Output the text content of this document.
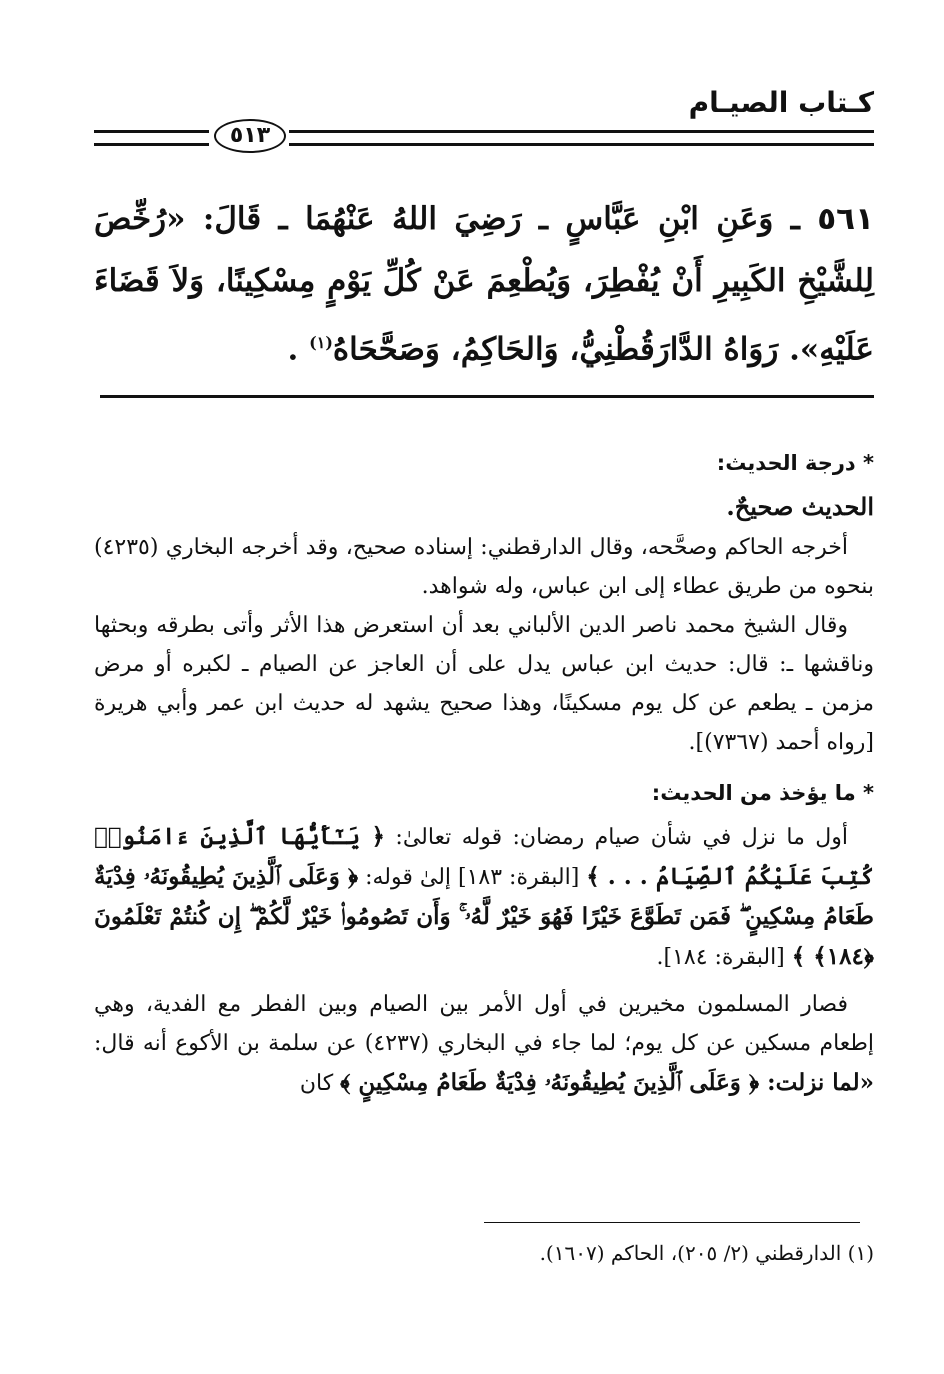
كـتاب الصيـام
٥١٣
٥٦١ ـ وَعَنِ ابْنِ عَبَّاسٍ ـ رَضِيَ اللهُ عَنْهُمَا ـ قَالَ: «رُخِّصَ لِلشَّيْخِ الكَبِيرِ أَنْ يُفْطِرَ، وَيُطْعِمَ عَنْ كُلِّ يَوْمٍ مِسْكِينًا، وَلاَ قَضَاءَ عَلَيْهِ». رَوَاهُ الدَّارَقُطْنِيُّ، وَالحَاكِمُ، وَصَحَّحَاهُ$^{(١)}$ .
* درجة الحديث:
الحديث صحيحٌ.

أخرجه الحاكم وصحَّحه، وقال الدارقطني: إسناده صحيح، وقد أخرجه البخاري (٤٢٣٥) بنحوه من طريق عطاء إلى ابن عباس، وله شواهد.

وقال الشيخ محمد ناصر الدين الألباني بعد أن استعرض هذا الأثر وأتى بطرقه وبحثها وناقشها ـ: قال: حديث ابن عباس يدل على أن العاجز عن الصيام ـ لكبره أو مرض مزمن ـ يطعم عن كل يوم مسكينًا، وهذا صحيح يشهد له حديث ابن عمر وأبي هريرة [رواه أحمد (٧٣٦٧)].

* ما يؤخذ من الحديث:

أول ما نزل في شأن صيام رمضان: قوله تعالىٰ: ﴿ يَـٰٓأَيُّهَا ٱلَّذِينَ ءَامَنُوا۟ كُتِبَ عَلَيْكُمُ ٱلصِّيَامُ . . . ﴾ [البقرة: ١٨٣] إلىٰ قوله: ﴿ وَعَلَى ٱلَّذِينَ يُطِيقُونَهُۥ فِدْيَةٌ طَعَامُ مِسْكِينٍ ۖ فَمَن تَطَوَّعَ خَيْرًا فَهُوَ خَيْرٌ لَّهُۥ ۚ وَأَن تَصُومُوا۟ خَيْرٌ لَّكُمْ ۖ إِن كُنتُمْ تَعْلَمُونَ ﴿١٨٤﴾ ﴾ [البقرة: ١٨٤].

فصار المسلمون مخيرين في أول الأمر بين الصيام وبين الفطر مع الفدية، وهي إطعام مسكين عن كل يوم؛ لما جاء في البخاري (٤٢٣٧) عن سلمة بن الأكوع أنه قال: «لما نزلت: ﴿ وَعَلَى ٱلَّذِينَ يُطِيقُونَهُۥ فِدْيَةٌ طَعَامُ مِسْكِينٍ ﴾ كان

(١) الدارقطني (٢/ ٢٠٥)، الحاكم (١٦٠٧).
